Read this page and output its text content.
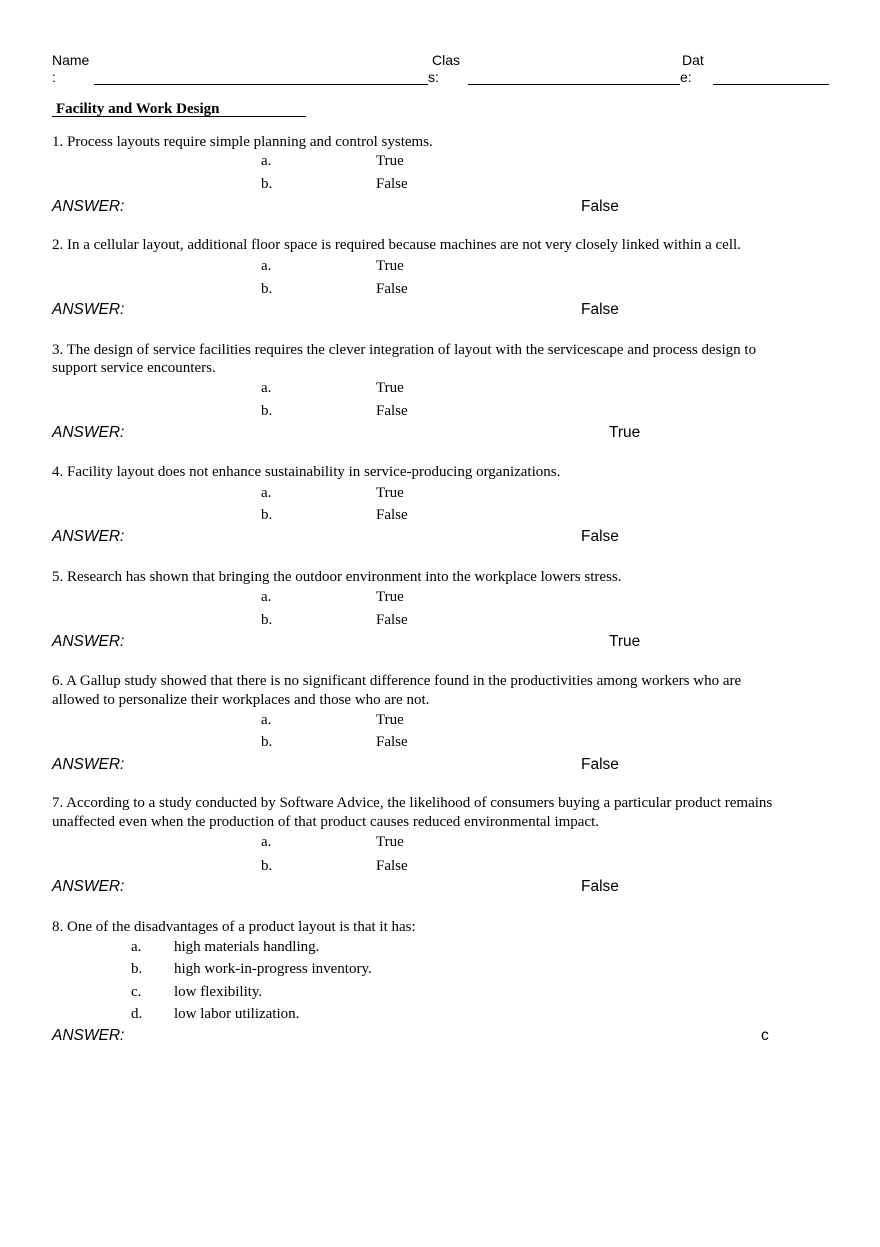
Name
:
Clas
s:
Dat
e:
Facility and Work Design
1. Process layouts require simple planning and control systems.
a.	True
b.	False
ANSWER:	False
2. In a cellular layout, additional floor space is required because machines are not very closely linked within a cell.
a.	True
b.	False
ANSWER:	False
3. The design of service facilities requires the clever integration of layout with the servicescape and process design to
support service encounters.
a.	True
b.	False
ANSWER:	True
4. Facility layout does not enhance sustainability in service-producing organizations.
a.	True
b.	False
ANSWER:	False
5. Research has shown that bringing the outdoor environment into the workplace lowers stress.
a.	True
b.	False
ANSWER:	True
6. A Gallup study showed that there is no significant difference found in the productivities among workers who are
allowed to personalize their workplaces and those who are not.
a.	True
b.	False
ANSWER:	False
7. According to a study conducted by Software Advice, the likelihood of consumers buying a particular product remains
unaffected even when the production of that product causes reduced environmental impact.
a.	True
b.	False
ANSWER:	False
8. One of the disadvantages of a product layout is that it has:
a. high materials handling.
b. high work-in-progress inventory.
c. low flexibility.
d. low labor utilization.
ANSWER:	c
